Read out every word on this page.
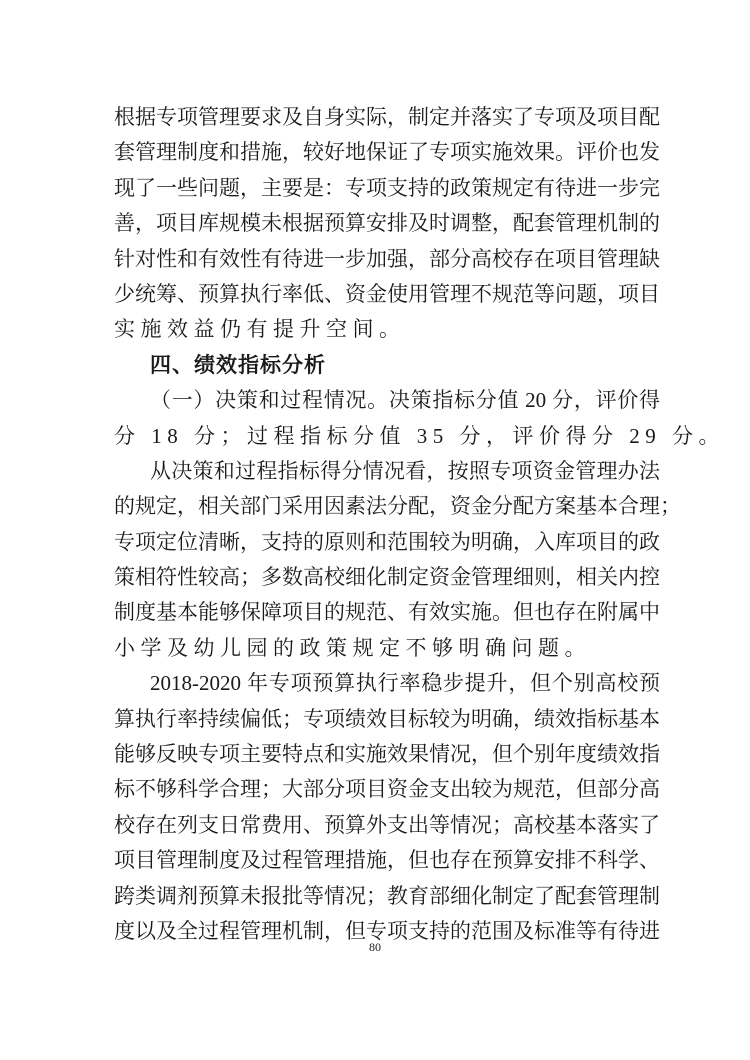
根据专项管理要求及自身实际，制定并落实了专项及项目配
套管理制度和措施，较好地保证了专项实施效果。评价也发
现了一些问题，主要是：专项支持的政策规定有待进一步完
善，项目库规模未根据预算安排及时调整，配套管理机制的
针对性和有效性有待进一步加强，部分高校存在项目管理缺
少统筹、预算执行率低、资金使用管理不规范等问题，项目
实施效益仍有提升空间。
四、绩效指标分析
（一）决策和过程情况。决策指标分值 20 分，评价得
分 18 分；过程指标分值 35 分，评价得分 29 分。
从决策和过程指标得分情况看，按照专项资金管理办法
的规定，相关部门采用因素法分配，资金分配方案基本合理；
专项定位清晰，支持的原则和范围较为明确，入库项目的政
策相符性较高；多数高校细化制定资金管理细则，相关内控
制度基本能够保障项目的规范、有效实施。但也存在附属中
小学及幼儿园的政策规定不够明确问题。
2018-2020 年专项预算执行率稳步提升，但个别高校预
算执行率持续偏低；专项绩效目标较为明确，绩效指标基本
能够反映专项主要特点和实施效果情况，但个别年度绩效指
标不够科学合理；大部分项目资金支出较为规范，但部分高
校存在列支日常费用、预算外支出等情况；高校基本落实了
项目管理制度及过程管理措施，但也存在预算安排不科学、
跨类调剂预算未报批等情况；教育部细化制定了配套管理制
度以及全过程管理机制，但专项支持的范围及标准等有待进
80
